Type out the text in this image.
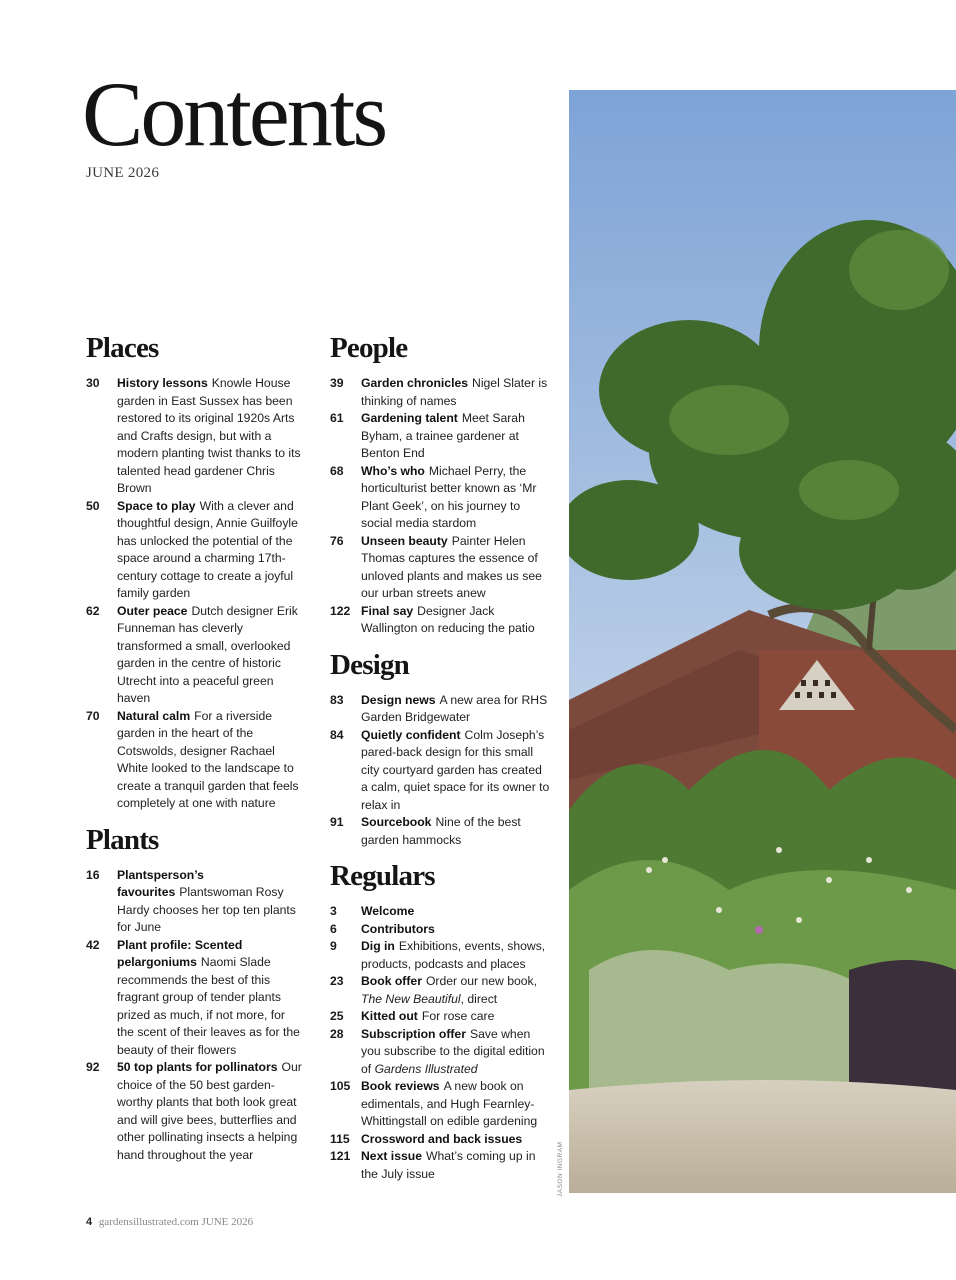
Contents
JUNE 2026
Places
30	History lessons Knowle House garden in East Sussex has been restored to its original 1920s Arts and Crafts design, but with a modern planting twist thanks to its talented head gardener Chris Brown
50	Space to play With a clever and thoughtful design, Annie Guilfoyle has unlocked the potential of the space around a charming 17th-century cottage to create a joyful family garden
62	Outer peace Dutch designer Erik Funneman has cleverly transformed a small, overlooked garden in the centre of historic Utrecht into a peaceful green haven
70	Natural calm For a riverside garden in the heart of the Cotswolds, designer Rachael White looked to the landscape to create a tranquil garden that feels completely at one with nature
Plants
16	Plantsperson’s favourites Plantswoman Rosy Hardy chooses her top ten plants for June
42	Plant profile: Scented pelargoniums Naomi Slade recommends the best of this fragrant group of tender plants prized as much, if not more, for the scent of their leaves as for the beauty of their flowers
92	50 top plants for pollinators Our choice of the 50 best garden-worthy plants that both look great and will give bees, butterflies and other pollinating insects a helping hand throughout the year
People
39	Garden chronicles Nigel Slater is thinking of names
61	Gardening talent Meet Sarah Byham, a trainee gardener at Benton End
68	Who’s who Michael Perry, the horticulturist better known as ‘Mr Plant Geek’, on his journey to social media stardom
76	Unseen beauty Painter Helen Thomas captures the essence of unloved plants and makes us see our urban streets anew
122 Final say Designer Jack Wallington on reducing the patio
Design
83	Design news A new area for RHS Garden Bridgewater
84	Quietly confident Colm Joseph’s pared-back design for this small city courtyard garden has created a calm, quiet space for its owner to relax in
91	Sourcebook Nine of the best garden hammocks
Regulars
3	Welcome
6	Contributors
9	Dig in Exhibitions, events, shows, products, podcasts and places
23	Book offer Order our new book, The New Beautiful, direct
25	Kitted out For rose care
28	Subscription offer Save when you subscribe to the digital edition of Gardens Illustrated
105 Book reviews A new book on edimentals, and Hugh Fearnley-Whittingstall on edible gardening
115 Crossword and back issues
121 Next issue What’s coming up in the July issue	JASON INGRAM
4 gardensillustrated.com JUNE 2026
